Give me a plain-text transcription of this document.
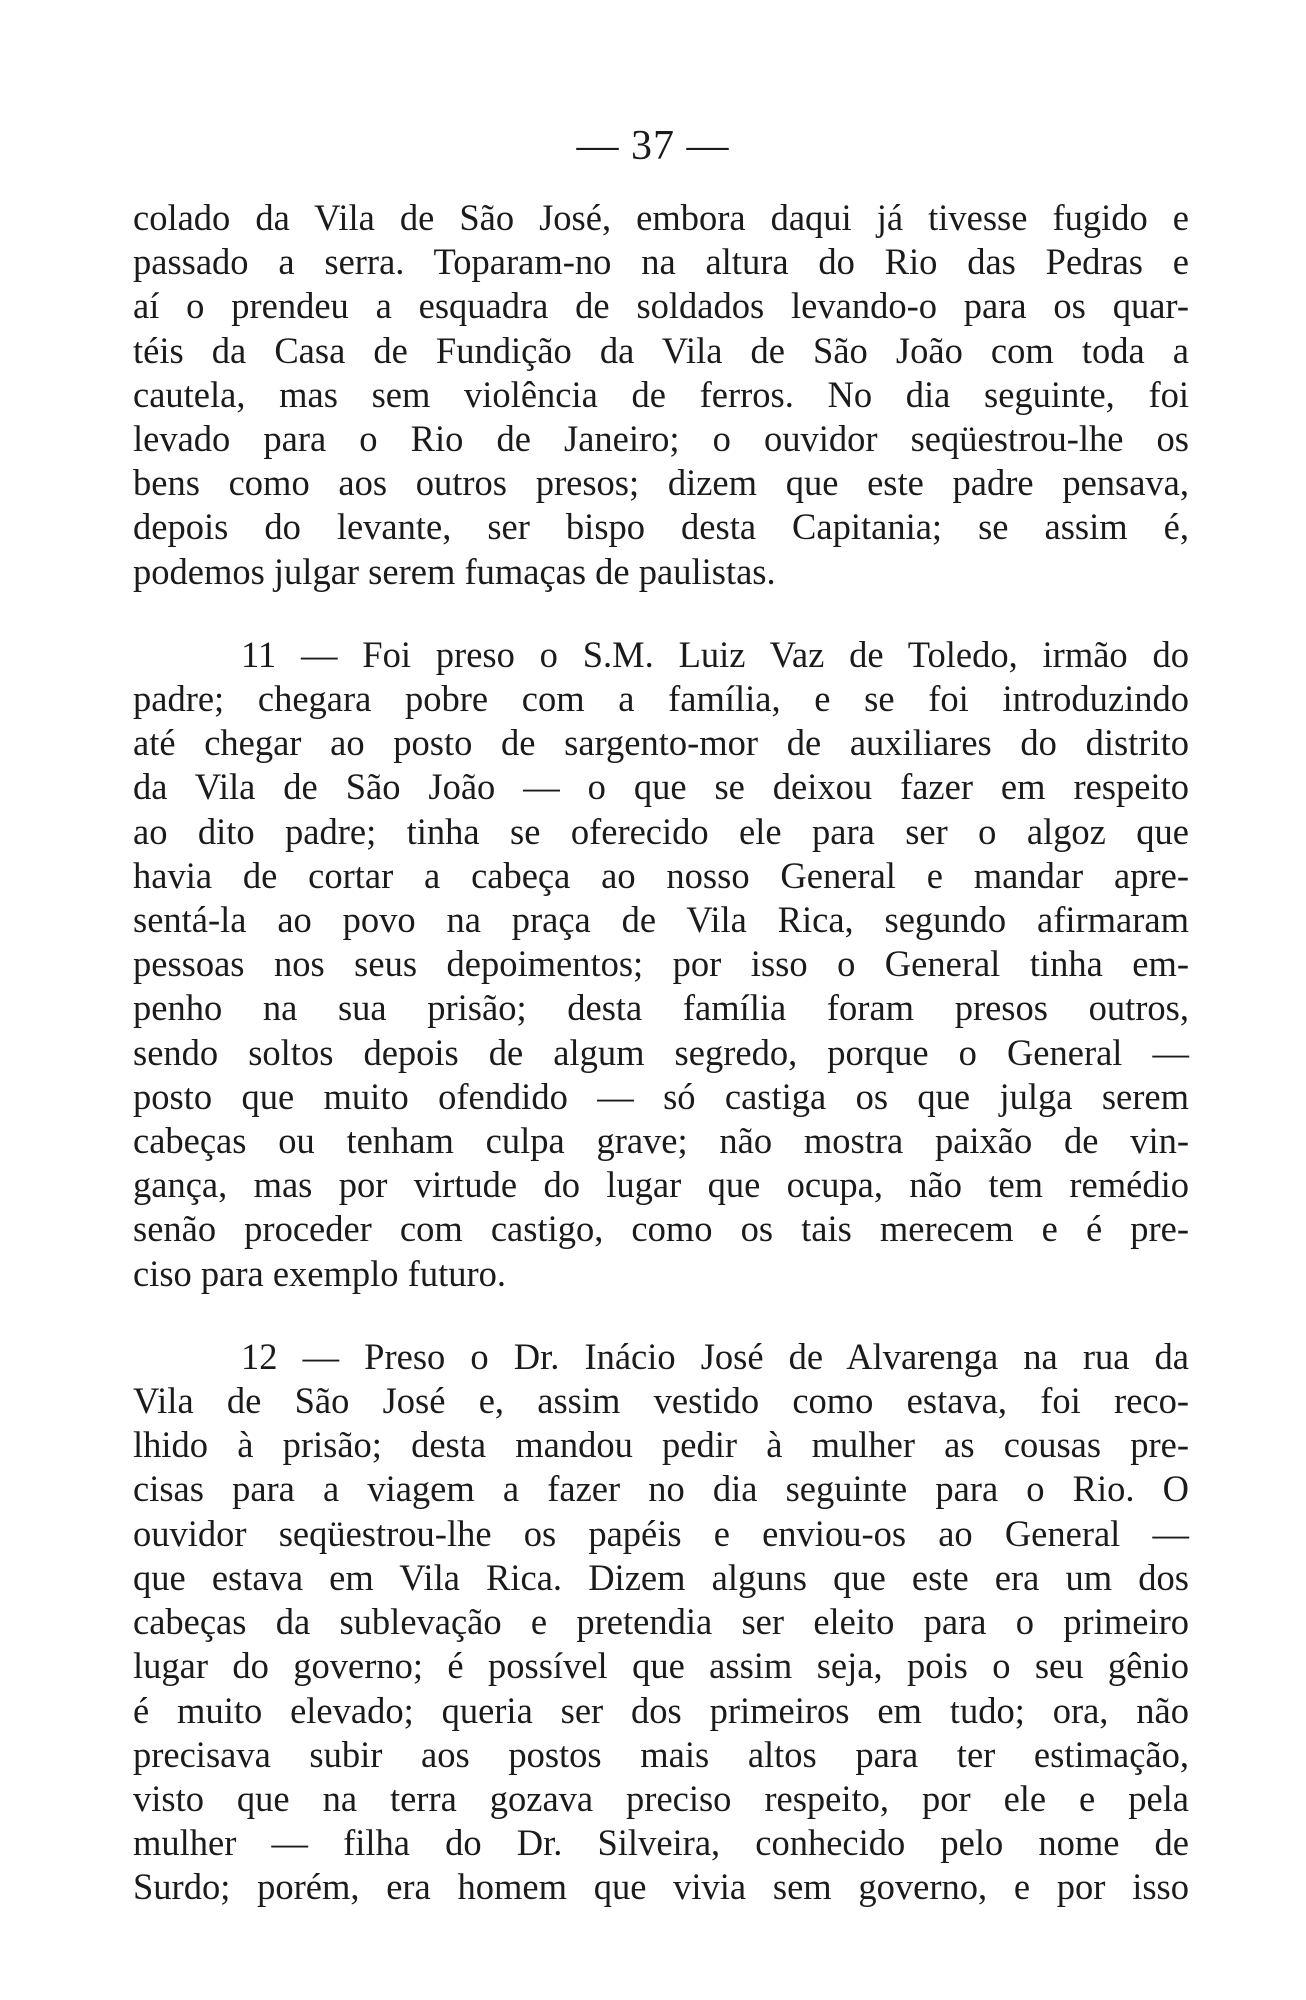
— 37 —

colado da Vila de São José, embora daqui já tivesse fugido e
passado a serra. Toparam-no na altura do Rio das Pedras e
aí o prendeu a esquadra de soldados levando-o para os quar-
téis da Casa de Fundição da Vila de São João com toda a
cautela, mas sem violência de ferros. No dia seguinte, foi
levado para o Rio de Janeiro; o ouvidor seqüestrou-lhe os
bens como aos outros presos; dizem que este padre pensava,
depois do levante, ser bispo desta Capitania; se assim é,
podemos julgar serem fumaças de paulistas.

11 — Foi preso o S.M. Luiz Vaz de Toledo, irmão do
padre; chegara pobre com a família, e se foi introduzindo
até chegar ao posto de sargento-mor de auxiliares do distrito
da Vila de São João — o que se deixou fazer em respeito
ao dito padre; tinha se oferecido ele para ser o algoz que
havia de cortar a cabeça ao nosso General e mandar apre-
sentá-la ao povo na praça de Vila Rica, segundo afirmaram
pessoas nos seus depoimentos; por isso o General tinha em-
penho na sua prisão; desta família foram presos outros,
sendo soltos depois de algum segredo, porque o General —
posto que muito ofendido — só castiga os que julga serem
cabeças ou tenham culpa grave; não mostra paixão de vin-
gança, mas por virtude do lugar que ocupa, não tem remédio
senão proceder com castigo, como os tais merecem e é pre-
ciso para exemplo futuro.

12 — Preso o Dr. Inácio José de Alvarenga na rua da
Vila de São José e, assim vestido como estava, foi reco-
lhido à prisão; desta mandou pedir à mulher as cousas pre-
cisas para a viagem a fazer no dia seguinte para o Rio. O
ouvidor seqüestrou-lhe os papéis e enviou-os ao General —
que estava em Vila Rica. Dizem alguns que este era um dos
cabeças da sublevação e pretendia ser eleito para o primeiro
lugar do governo; é possível que assim seja, pois o seu gênio
é muito elevado; queria ser dos primeiros em tudo; ora, não
precisava subir aos postos mais altos para ter estimação,
visto que na terra gozava preciso respeito, por ele e pela
mulher — filha do Dr. Silveira, conhecido pelo nome de
Surdo; porém, era homem que vivia sem governo, e por isso
